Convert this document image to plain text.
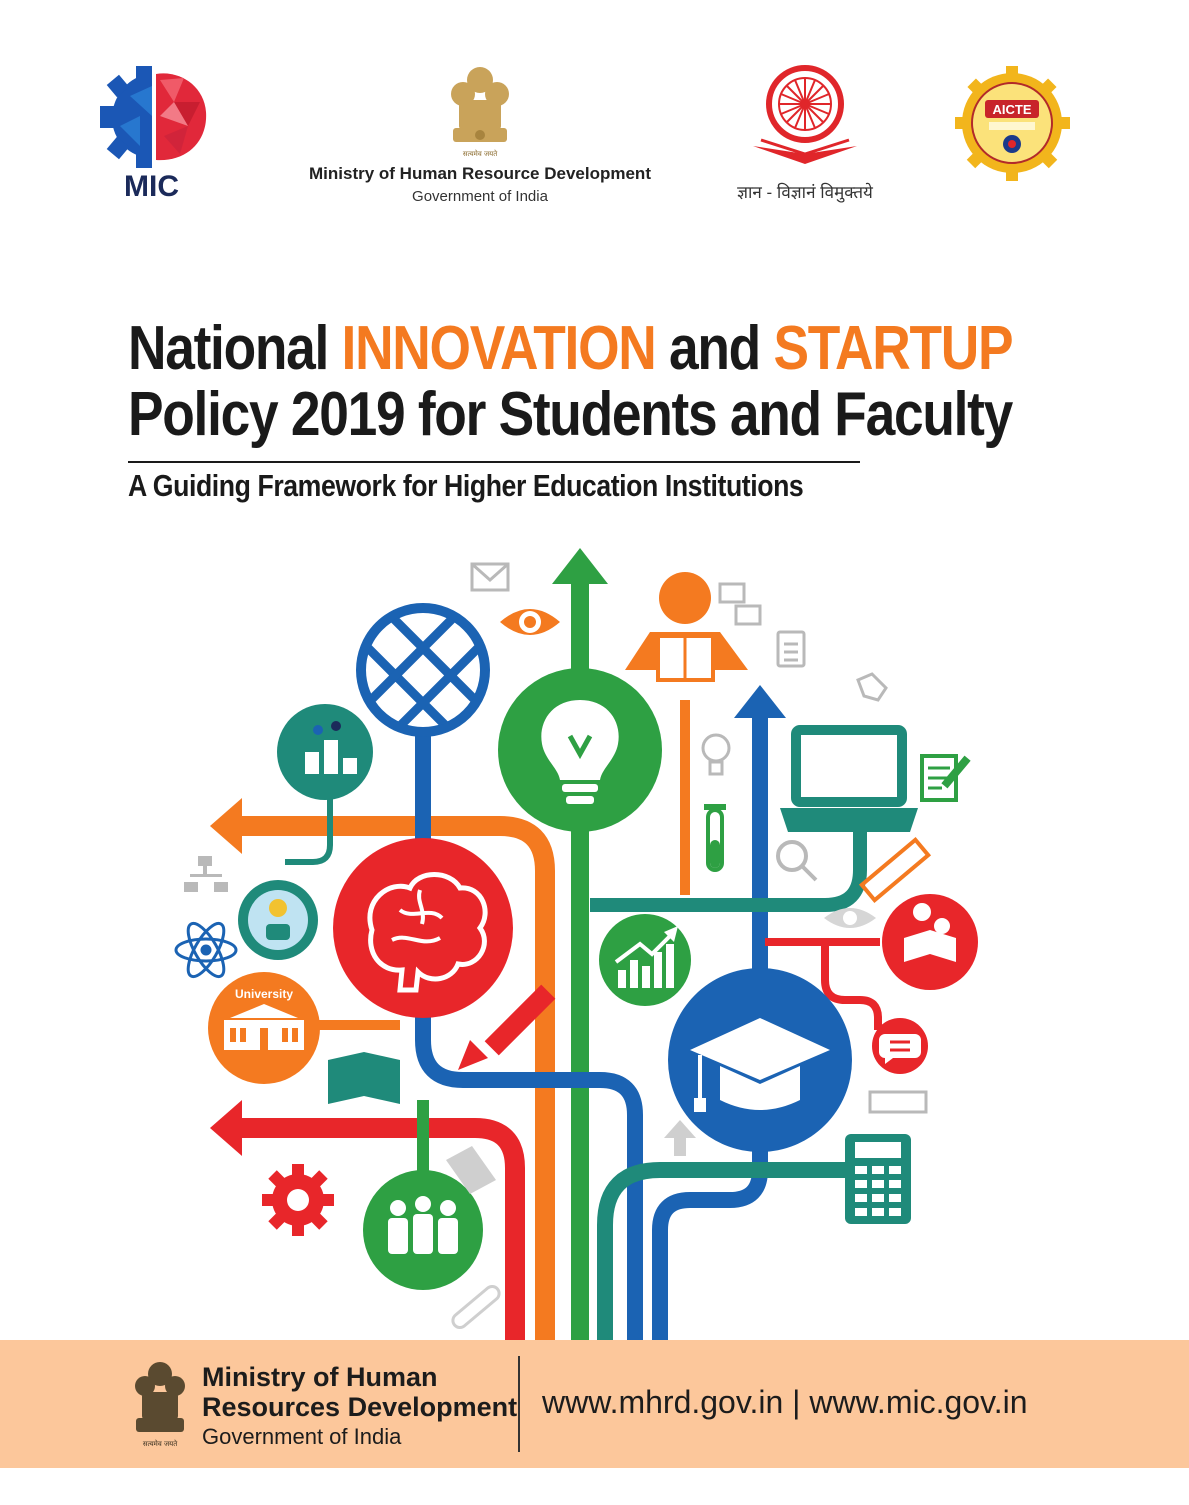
MIC
सत्यमेव जयते
Ministry of Human Resource Development
Government of India	ज्ञान - विज्ञानं विमुक्तये
AICTE
National INNOVATION and STARTUP
Policy 2019 for Students and Faculty
A Guiding Framework for Higher Education Institutions
University
सत्यमेव जयते
Ministry of Human
Resources Development
Government of India
www.mhrd.gov.in | www.mic.gov.in
